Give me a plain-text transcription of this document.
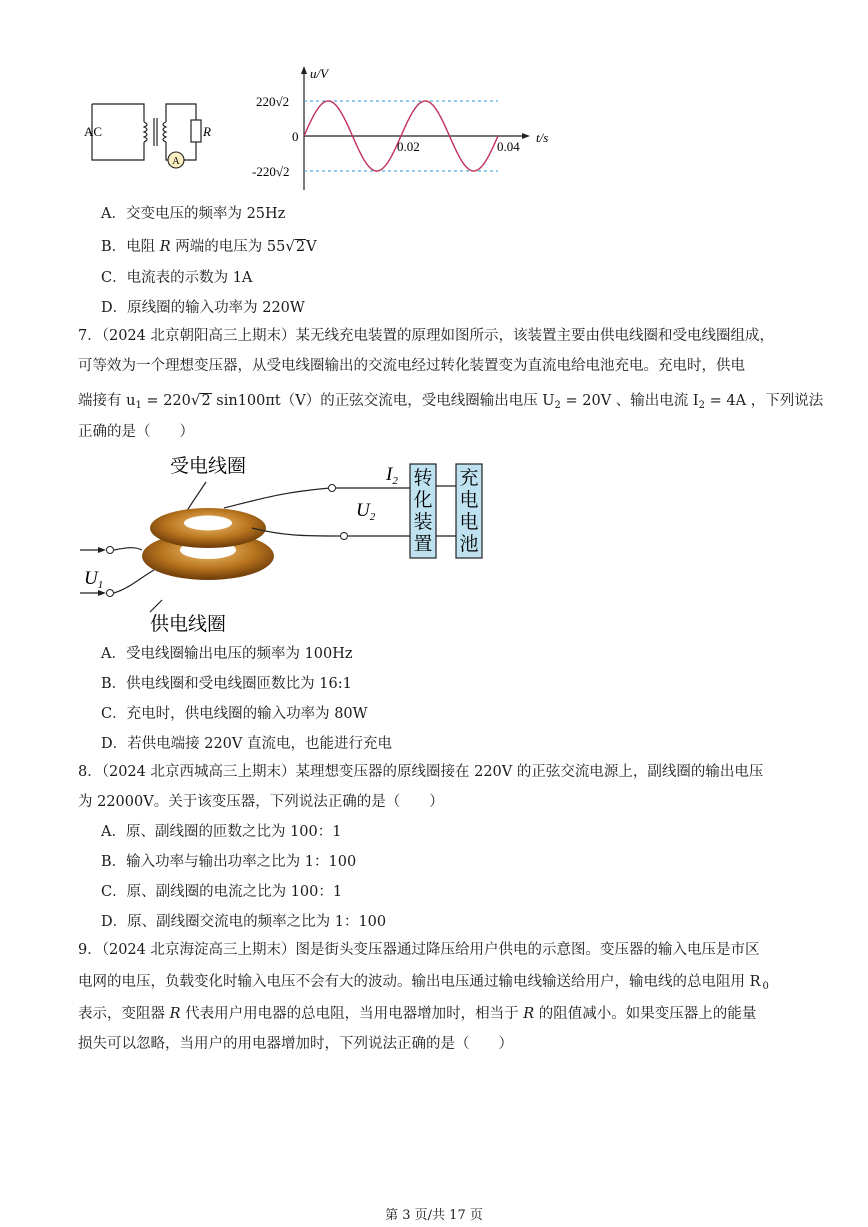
A
AC	R
u/V
t/s
220√2
-220√2
0
0.02	0.04
A．交变电压的频率为 25Hz
B．电阻 R 两端的电压为 55√2V
C．电流表的示数为 1A
D．原线圈的输入功率为 220W
7．（2024 北京朝阳高三上期末）某无线充电装置的原理如图所示，该装置主要由供电线圈和受电线圈组成，
可等效为一个理想变压器，从受电线圈输出的交流电经过转化装置变为直流电给电池充电。充电时，供电
端接有 $u_1 = 220√2$ sin100πt（V）的正弦交流电，受电线圈输出电压 $U_2 = 20V$ 、输出电流 $I_2 = 4A$ ，下列说法
正确的是（　　）
受电线圈
$U_1$
供电线圈
$I_2$
$U_2$
转
化
装
置
充
电
电
池
A．受电线圈输出电压的频率为 100Hz
B．供电线圈和受电线圈匝数比为 16:1
C．充电时，供电线圈的输入功率为 80W
D．若供电端接 220V 直流电，也能进行充电
8．（2024 北京西城高三上期末）某理想变压器的原线圈接在 220V 的正弦交流电源上，副线圈的输出电压
为 22000V。关于该变压器，下列说法正确的是（　　）
A．原、副线圈的匝数之比为 100：1
B．输入功率与输出功率之比为 1：100
C．原、副线圈的电流之比为 100：1
D．原、副线圈交流电的频率之比为 1：100
9．（2024 北京海淀高三上期末）图是街头变压器通过降压给用户供电的示意图。变压器的输入电压是市区
电网的电压，负载变化时输入电压不会有大的波动。输出电压通过输电线输送给用户，输电线的总电阻用 R $_0$
表示，变阻器 R 代表用户用电器的总电阻，当用电器增加时，相当于 R 的阻值减小。如果变压器上的能量
损失可以忽略，当用户的用电器增加时，下列说法正确的是（　　）
第 3 页/共 17 页
